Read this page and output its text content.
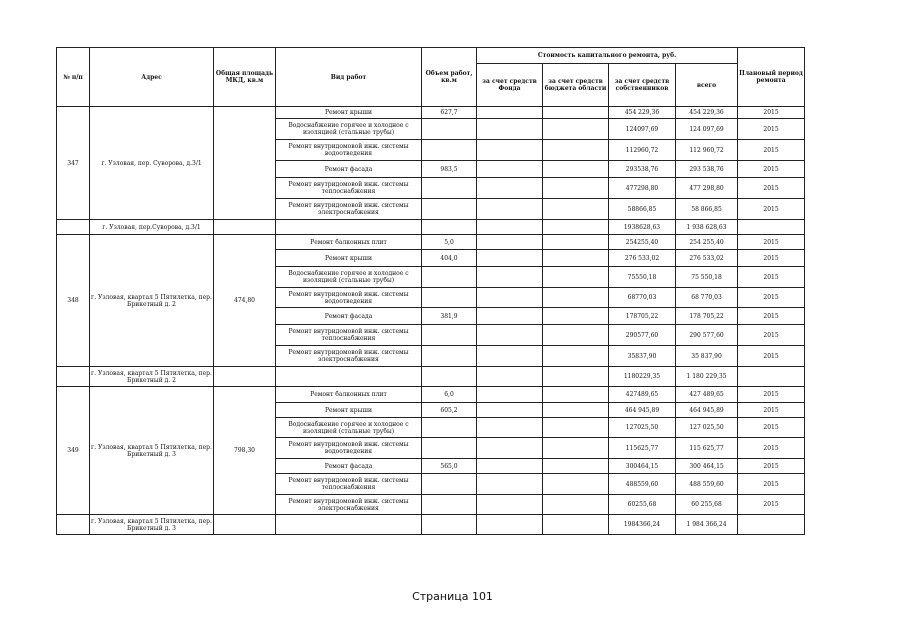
№ п/п	Адрес	Общая площадь МКД, кв.м	Вид работ	Объем работ, кв.м	Стоимость капитального ремонта, руб.				Плановый период ремонта
					за счет средств Фонда	за счет средств бюджета области	за счет средств собственников	всего	
347	г. Узловая, пер. Суворова, д.3/1		Ремонт крыши	627,7			454 229,36	454 229,36	2015
			Водоснабжение горячее и холодное с изоляцией (стальные трубы)				124097,69	124 097,69	2015
			Ремонт внутридомовой инж. системы водоотведения				112960,72	112 960,72	2015
			Ремонт фасада	983,5			293538,76	293 538,76	2015
			Ремонт внутридомовой инж. системы теплоснабжения				477298,80	477 298,80	2015
			Ремонт внутридомовой инж. системы электроснабжения				58866,85	58 866,85	2015
	г. Узловая, пер.Суворова, д.3/1						1938628,63	1 938 628,63	
348	г. Узловая, квартал 5 Пятилетка, пер. Брикетный д. 2	474,80	Ремонт балконных плит	5,0			254255,40	254 255,40	2015
			Ремонт крыши	404,0			276 533,02	276 533,02	2015
			Водоснабжение горячее и холодное с изоляцией (стальные трубы)				75550,18	75 550,18	2015
			Ремонт внутридомовой инж. системы водоотведения				68770,03	68 770,03	2015
			Ремонт фасада	381,9			178705,22	178 705,22	2015
			Ремонт внутридомовой инж. системы теплоснабжения				290577,60	290 577,60	2015
			Ремонт внутридомовой инж. системы электроснабжения				35837,90	35 837,90	2015
	г. Узловая, квартал 5 Пятилетка, пер. Брикетный д. 2						1180229,35	1 180 229,35	
349	г. Узловая, квартал 5 Пятилетка, пер. Брикетный д. 3	798,30	Ремонт балконных плит	6,0			427489,65	427 489,65	2015
			Ремонт крыши	605,2			464 945,89	464 945,89	2015
			Водоснабжение горячее и холодное с изоляцией (стальные трубы)				127025,50	127 025,50	2015
			Ремонт внутридомовой инж. системы водоотведения				115625,77	115 625,77	2015
			Ремонт фасада	565,0			300464,15	300 464,15	2015
			Ремонт внутридомовой инж. системы теплоснабжения				488559,60	488 559,60	2015
			Ремонт внутридомовой инж. системы электроснабжения				60255,68	60 255,68	2015
	г. Узловая, квартал 5 Пятилетка, пер. Брикетный д. 3						1984366,24	1 984 366,24	
Страница 101
